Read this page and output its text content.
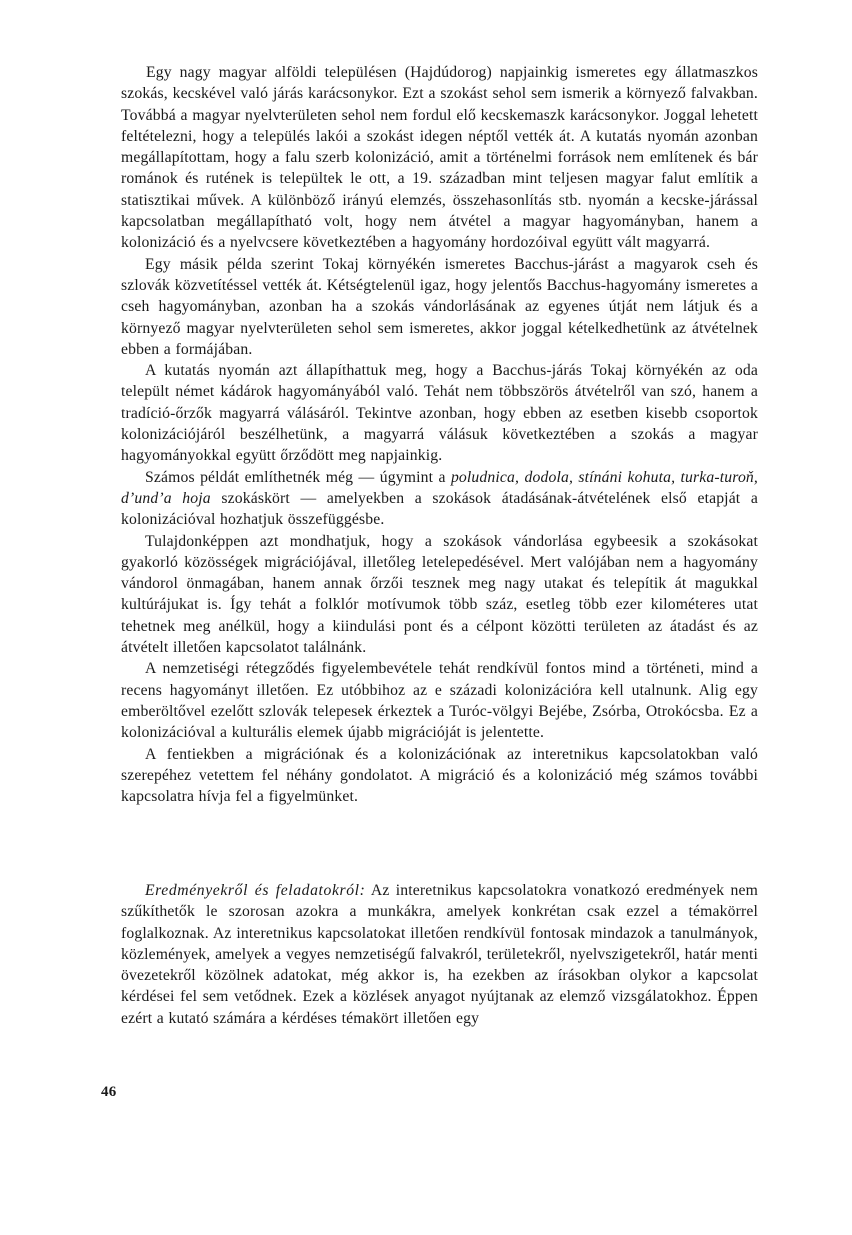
Egy nagy magyar alföldi településen (Hajdúdorog) napjainkig ismeretes egy állatmaszkos szokás, kecskével való járás karácsonykor. Ezt a szokást sehol sem ismerik a környező falvakban. Továbbá a magyar nyelvterületen sehol nem fordul elő kecskemaszk karácsonykor. Joggal lehetett feltételezni, hogy a település lakói a szokást idegen néptől vették át. A kutatás nyomán azonban megállapítottam, hogy a falu szerb kolonizáció, amit a történelmi források nem említenek és bár románok és rutének is települtek le ott, a 19. században mint teljesen magyar falut említik a statisztikai művek. A különböző irányú elemzés, összehasonlítás stb. nyomán a kecske-járással kapcsolatban megállapítható volt, hogy nem átvétel a magyar hagyományban, hanem a kolonizáció és a nyelvcsere következtében a hagyomány hordozóival együtt vált magyarrá.

Egy másik példa szerint Tokaj környékén ismeretes Bacchus-járást a magyarok cseh és szlovák közvetítéssel vették át. Kétségtelenül igaz, hogy jelentős Bacchus-hagyomány ismeretes a cseh hagyományban, azonban ha a szokás vándorlásának az egyenes útját nem látjuk és a környező magyar nyelvterületen sehol sem ismeretes, akkor joggal kételkedhetünk az átvételnek ebben a formájában.

A kutatás nyomán azt állapíthattuk meg, hogy a Bacchus-járás Tokaj környékén az oda települt német kádárok hagyományából való. Tehát nem többszörös átvételről van szó, hanem a tradíció-őrzők magyarrá válásáról. Tekintve azonban, hogy ebben az esetben kisebb csoportok kolonizációjáról beszélhetünk, a magyarrá válásuk következtében a szokás a magyar hagyományokkal együtt őrződött meg napjainkig.

Számos példát említhetnék még — úgymint a poludnica, dodola, stínáni kohuta, turka-turoň, d’und’a hoja szokáskört — amelyekben a szokások átadásának-átvételének első etapját a kolonizációval hozhatjuk összefüggésbe.

Tulajdonképpen azt mondhatjuk, hogy a szokások vándorlása egybeesik a szokásokat gyakorló közösségek migrációjával, illetőleg letelepedésével. Mert valójában nem a hagyomány vándorol önmagában, hanem annak őrzői tesznek meg nagy utakat és telepítik át magukkal kultúrájukat is. Így tehát a folklór motívumok több száz, esetleg több ezer kilométeres utat tehetnek meg anélkül, hogy a kiindulási pont és a célpont közötti területen az átadást és az átvételt illetően kapcsolatot találnánk.

A nemzetiségi rétegződés figyelembevétele tehát rendkívül fontos mind a történeti, mind a recens hagyományt illetően. Ez utóbbihoz az e századi kolonizációra kell utalnunk. Alig egy emberöltővel ezelőtt szlovák telepesek érkeztek a Turóc-völgyi Bejébe, Zsórba, Otrokócsba. Ez a kolonizációval a kulturális elemek újabb migrációját is jelentette.

A fentiekben a migrációnak és a kolonizációnak az interetnikus kapcsolatokban való szerepéhez vetettem fel néhány gondolatot. A migráció és a kolonizáció még számos további kapcsolatra hívja fel a figyelmünket.

Eredményekről és feladatokról: Az interetnikus kapcsolatokra vonatkozó eredmények nem szűkíthetők le szorosan azokra a munkákra, amelyek konkrétan csak ezzel a témakörrel foglalkoznak. Az interetnikus kapcsolatokat illetően rendkívül fontosak mindazok a tanulmányok, közlemények, amelyek a vegyes nemzetiségű falvakról, területekről, nyelvszigetekről, határ menti övezetekről közölnek adatokat, még akkor is, ha ezekben az írásokban olykor a kapcsolat kérdései fel sem vetődnek. Ezek a közlések anyagot nyújtanak az elemző vizsgálatokhoz. Éppen ezért a kutató számára a kérdéses témakört illetően egy

46
